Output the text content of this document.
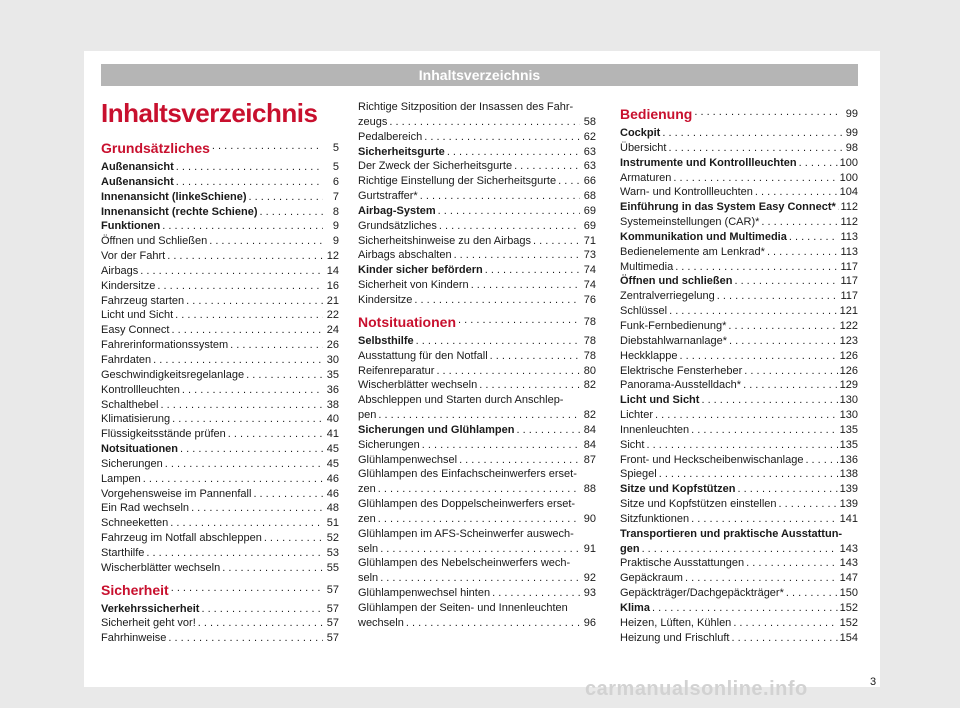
Inhaltsverzeichnis
Inhaltsverzeichnis
Grundsätzliches . . .	5
Außenansicht . . .	5
Außenansicht . . .	6
Innenansicht (linkeSchiene) . . .	7
Innenansicht (rechte Schiene) . . .	8
Funktionen . . .	9
Öffnen und Schließen . . .	9
Vor der Fahrt . . .	12
Airbags . . .	14
Kindersitze . . .	16
Fahrzeug starten . . .	21
Licht und Sicht . . .	22
Easy Connect . . .	24
Fahrerinformationssystem . . .	26
Fahrdaten . . .	30
Geschwindigkeitsregelanlage . . .	35
Kontrollleuchten . . .	36
Schalthebel . . .	38
Klimatisierung . . .	40
Flüssigkeitsstände prüfen . . .	41
Notsituationen . . .	45
Sicherungen . . .	45
Lampen . . .	46
Vorgehensweise im Pannenfall . . .	46
Ein Rad wechseln . . .	48
Schneeketten . . .	51
Fahrzeug im Notfall abschleppen . . .	52
Starthilfe . . .	53
Wischerblätter wechseln . . .	55
Sicherheit . . .	57
Verkehrssicherheit . . .	57
Sicherheit geht vor! . . .	57
Fahrhinweise . . .	57
Richtige Sitzposition der Insassen des Fahr-
zeugs . . .	58
Pedalbereich . . .	62
Sicherheitsgurte . . .	63
Der Zweck der Sicherheitsgurte . . .	63
Richtige Einstellung der Sicherheitsgurte . . .	66
Gurtstraffer* . . .	68
Airbag-System . . .	69
Grundsätzliches . . .	69
Sicherheitshinweise zu den Airbags . . .	71
Airbags abschalten . . .	73
Kinder sicher befördern . . .	74
Sicherheit von Kindern . . .	74
Kindersitze . . .	76
Notsituationen . . .	78
Selbsthilfe . . .	78
Ausstattung für den Notfall . . .	78
Reifenreparatur . . .	80
Wischerblätter wechseln . . .	82
Abschleppen und Starten durch Anschlep-
pen . . .	82
Sicherungen und Glühlampen . . .	84
Sicherungen . . .	84
Glühlampenwechsel . . .	87
Glühlampen des Einfachscheinwerfers erset-
zen . . .	88
Glühlampen des Doppelscheinwerfers erset-
zen . . .	90
Glühlampen im AFS-Scheinwerfer auswech-
seln . . .	91
Glühlampen des Nebelscheinwerfers wech-
seln . . .	92
Glühlampenwechsel hinten . . .	93
Glühlampen der Seiten- und Innenleuchten
wechseln . . .	96
Bedienung . . .	99
Cockpit . . .	99
Übersicht . . .	98
Instrumente und Kontrollleuchten . . .	100
Armaturen . . .	100
Warn- und Kontrollleuchten . . .	104
Einführung in das System Easy Connect* . . . 112
Systemeinstellungen (CAR)* . . .	112
Kommunikation und Multimedia . . .	113
Bedienelemente am Lenkrad* . . .	113
Multimedia . . .	117
Öffnen und schließen . . .	117
Zentralverriegelung . . .	117
Schlüssel . . .	121
Funk-Fernbedienung* . . .	122
Diebstahlwarnanlage* . . .	123
Heckklappe . . .	126
Elektrische Fensterheber . . .	126
Panorama-Ausstelldach* . . .	129
Licht und Sicht . . .	130
Lichter . . .	130
Innenleuchten . . .	135
Sicht . . .	135
Front- und Heckscheibenwischanlage . . .	136
Spiegel . . .	138
Sitze und Kopfstützen . . .	139
Sitze und Kopfstützen einstellen . . .	139
Sitzfunktionen . . .	141
Transportieren und praktische Ausstattun-
gen . . .	143
Praktische Ausstattungen . . .	143
Gepäckraum . . .	147
Gepäckträger/Dachgepäckträger* . . .	150
Klima . . .	152
Heizen, Lüften, Kühlen . . .	152
Heizung und Frischluft . . .	154
carmanualsonline.info	3
